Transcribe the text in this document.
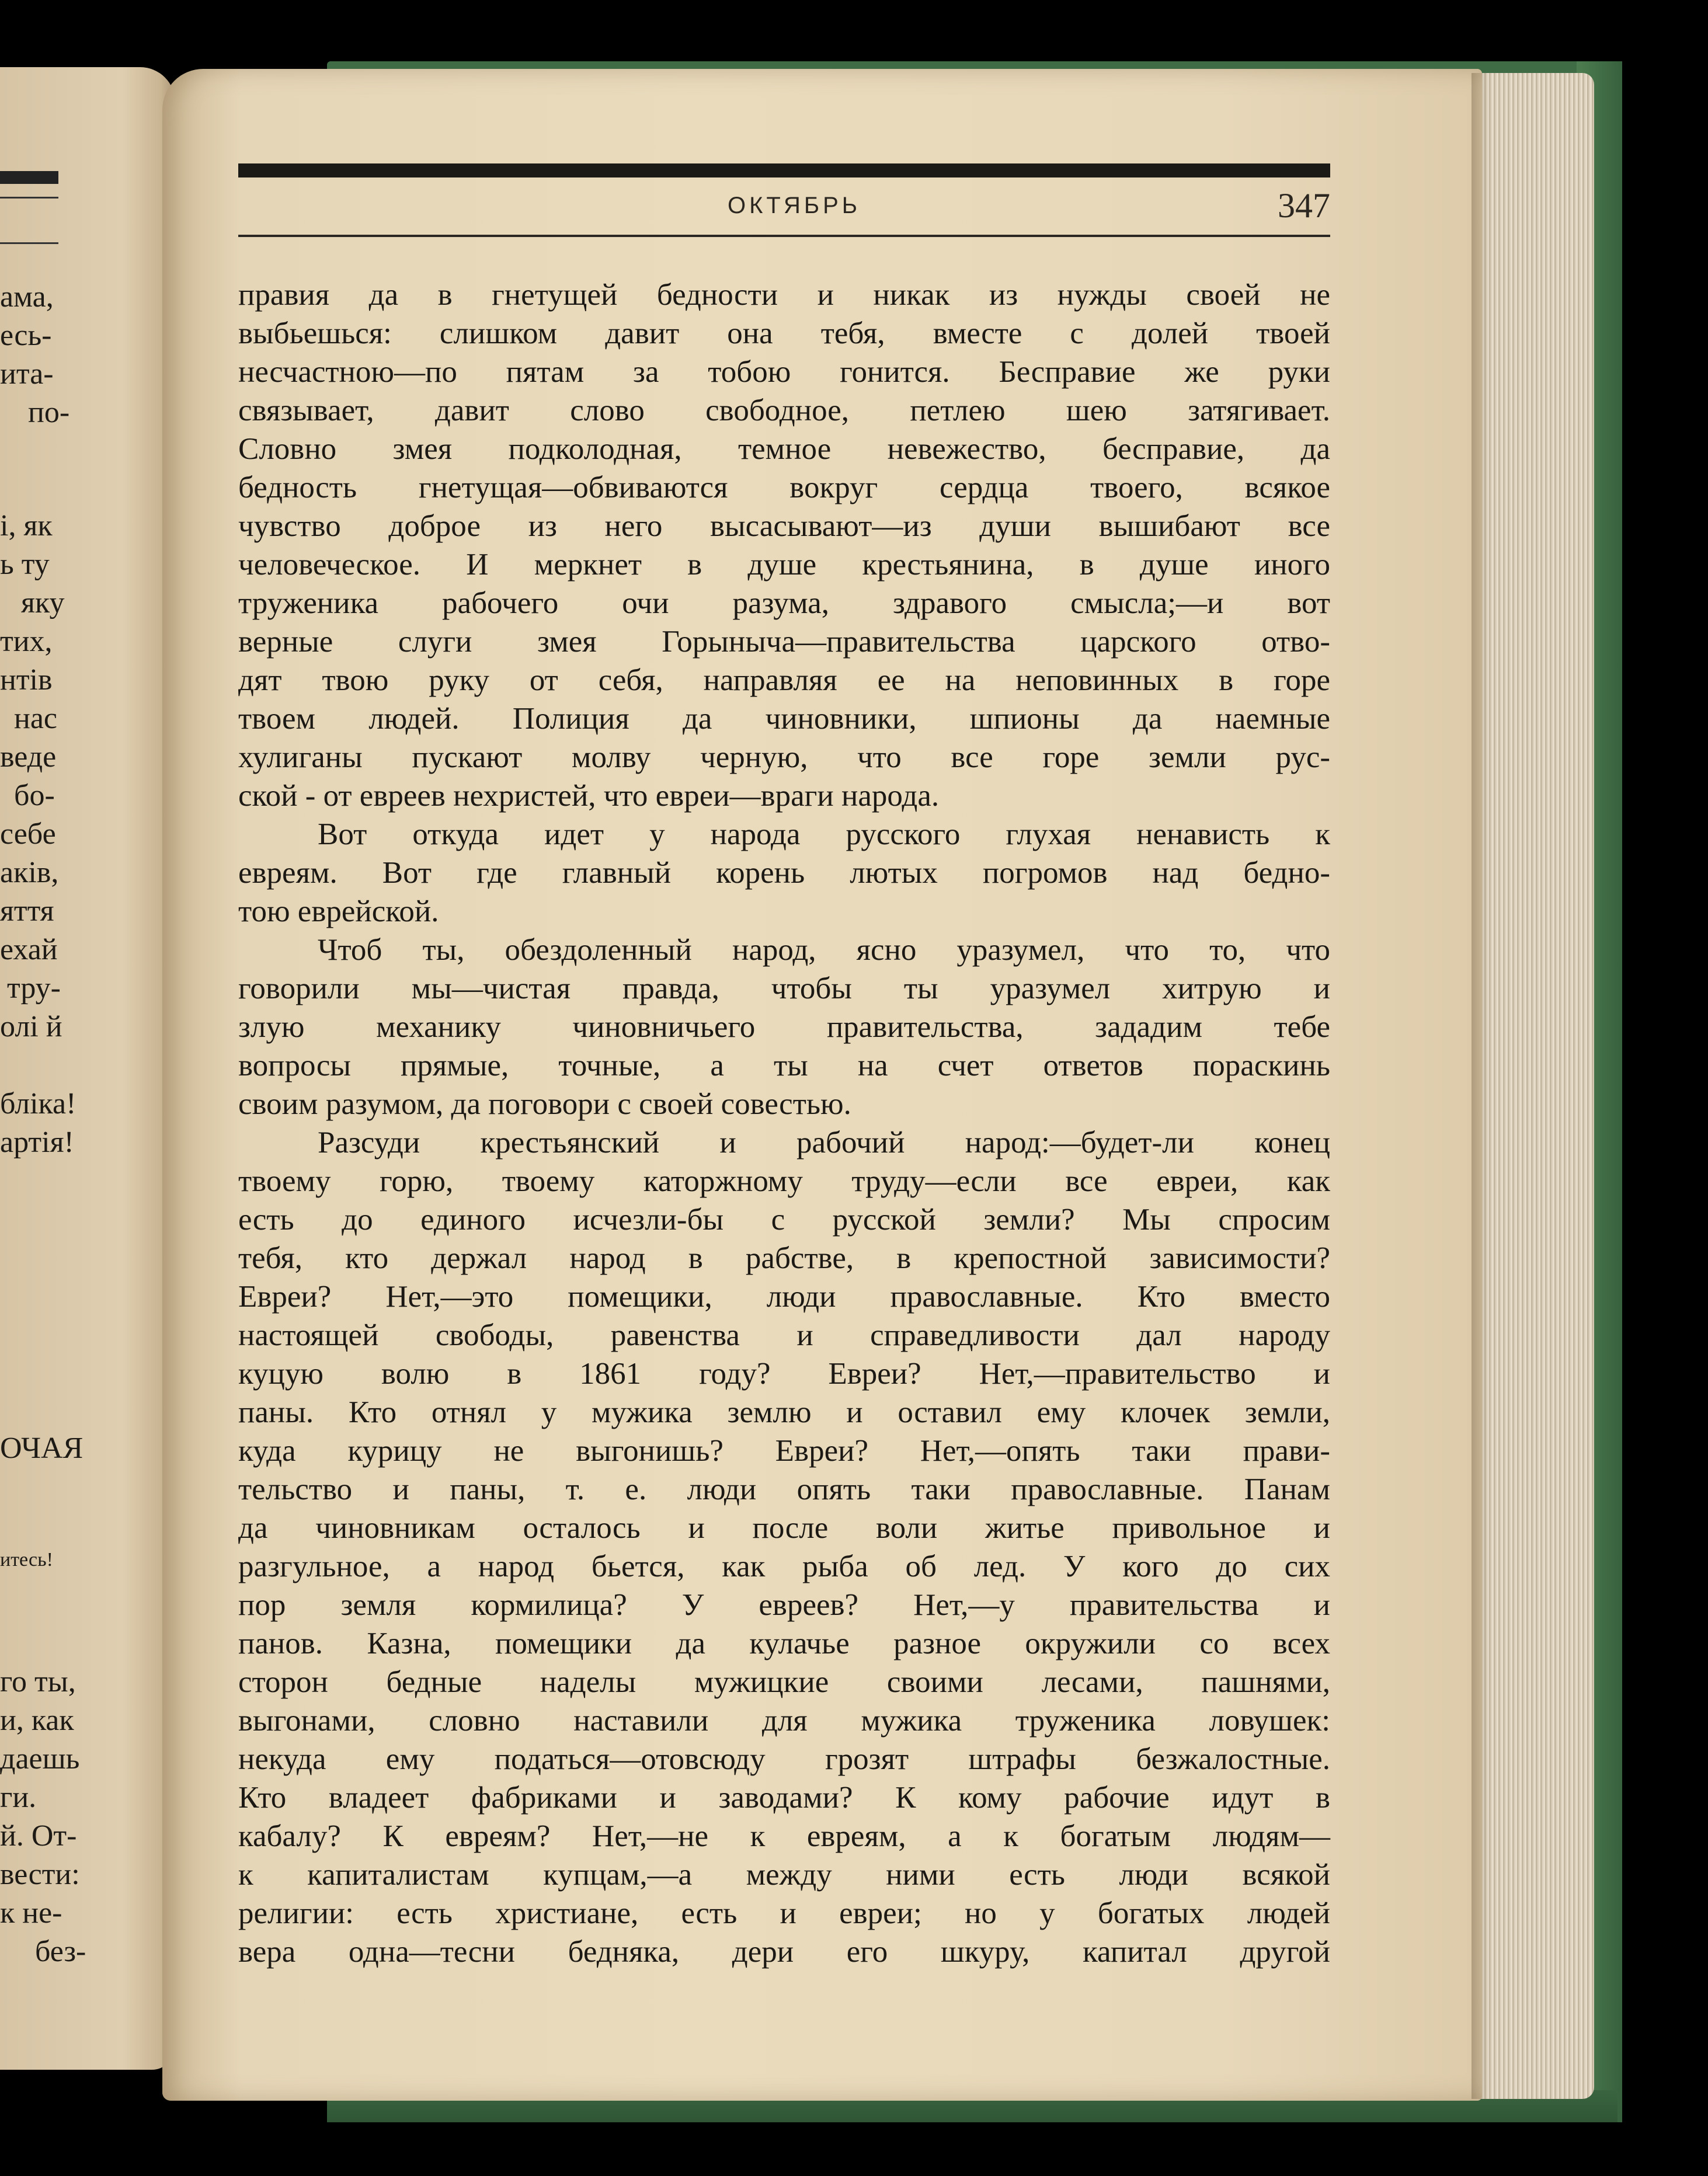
ама,
есь-
ита-
по-
і, як
ь ту
яку
тих,
нтів
нас
веде
бо-
себе
аків,
яття
ехай
тру-
олі й
бліка!
артія!
ОЧАЯ
итесь!
го ты,
и, как
даешь
ги.
й. От-
вести:
к не-
без-
ОКТЯБРЬ	347
правия да в гнетущей бедности и никак из нужды своей не
выбьешься: слишком давит она тебя, вместе с долей твоей
несчастною—по пятам за тобою гонится. Бесправие же руки
связывает, давит слово свободное, петлею шею затягивает.
Словно змея подколодная, темное невежество, бесправие, да
бедность гнетущая—обвиваются вокруг сердца твоего, всякое
чувство доброе из него высасывают—из души вышибают все
человеческое. И меркнет в душе крестьянина, в душе иного
труженика рабочего очи разума, здравого смысла;—и вот
верные слуги змея Горыныча—правительства царского отво-
дят твою руку от себя, направляя ее на неповинных в горе
твоем людей. Полиция да чиновники, шпионы да наемные
хулиганы пускают молву черную, что все горе земли рус-
ской - от евреев нехристей, что евреи—враги народа.
Вот откуда идет у народа русского глухая ненависть к
евреям. Вот где главный корень лютых погромов над бедно-
тою еврейской.
Чтоб ты, обездоленный народ, ясно уразумел, что то, что
говорили мы—чистая правда, чтобы ты уразумел хитрую и
злую механику чиновничьего правительства, зададим тебе
вопросы прямые, точные, а ты на счет ответов пораскинь
своим разумом, да поговори с своей совестью.
Разсуди крестьянский и рабочий народ:—будет-ли конец
твоему горю, твоему каторжному труду—если все евреи, как
есть до единого исчезли-бы с русской земли? Мы спросим
тебя, кто держал народ в рабстве, в крепостной зависимости?
Евреи? Нет,—это помещики, люди православные. Кто вместо
настоящей свободы, равенства и справедливости дал народу
куцую волю в 1861 году? Евреи? Нет,—правительство и
паны. Кто отнял у мужика землю и оставил ему клочек земли,
куда курицу не выгонишь? Евреи? Нет,—опять таки прави-
тельство и паны, т. е. люди опять таки православные. Панам
да чиновникам осталось и после воли житье привольное и
разгульное, а народ бьется, как рыба об лед. У кого до сих
пор земля кормилица? У евреев? Нет,—у правительства и
панов. Казна, помещики да кулачье разное окружили со всех
сторон бедные наделы мужицкие своими лесами, пашнями,
выгонами, словно наставили для мужика труженика ловушек:
некуда ему податься—отовсюду грозят штрафы безжалостные.
Кто владеет фабриками и заводами? К кому рабочие идут в
кабалу? К евреям? Нет,—не к евреям, а к богатым людям—
к капиталистам купцам,—а между ними есть люди всякой
религии: есть христиане, есть и евреи; но у богатых людей
вера одна—тесни бедняка, дери его шкуру, капитал другой
